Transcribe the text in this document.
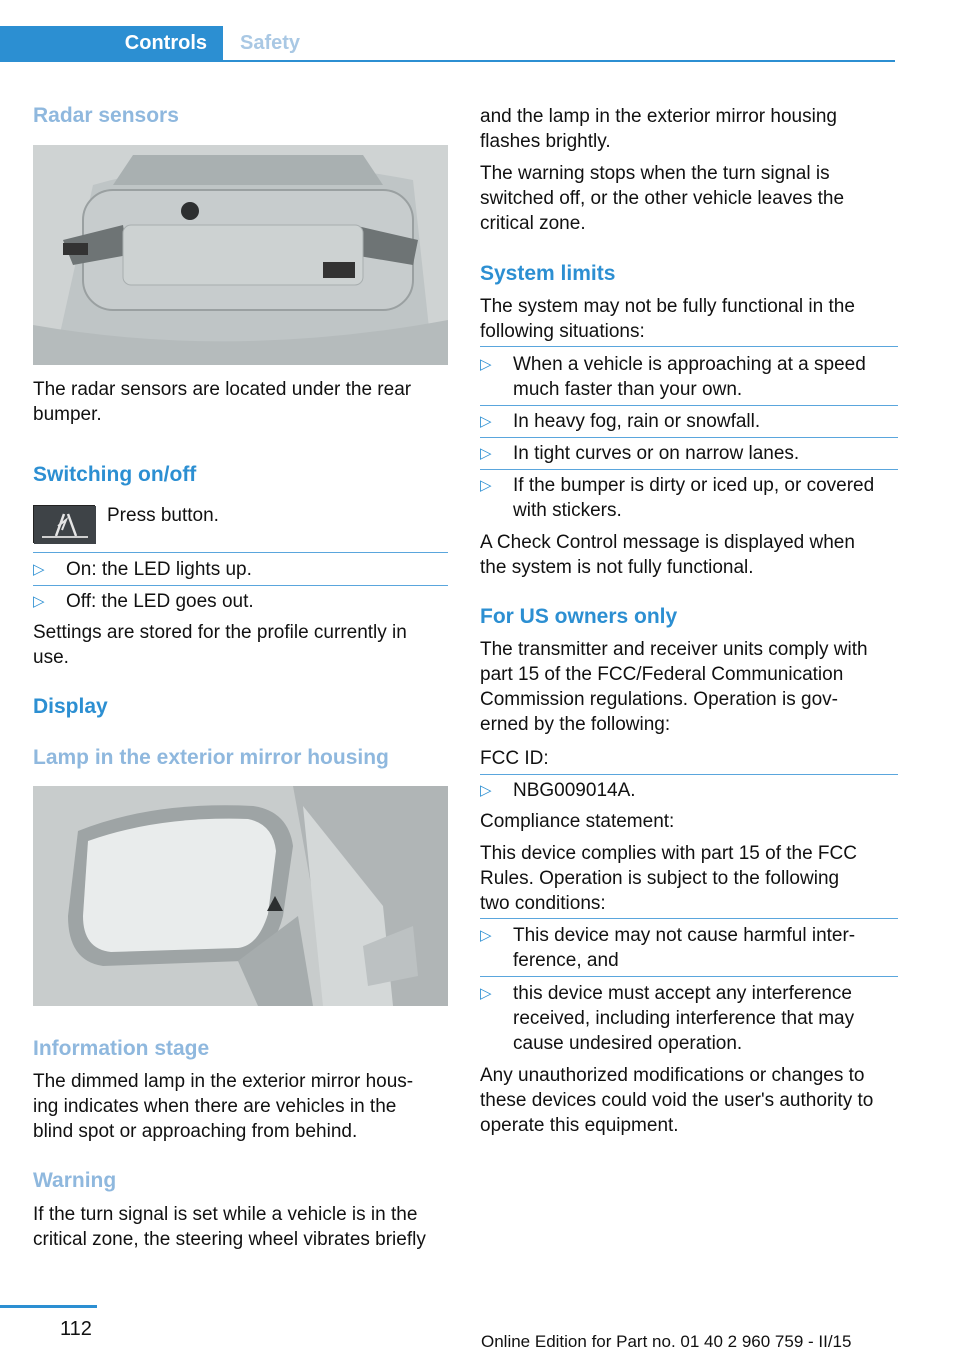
Controls	Safety
Radar sensors
The radar sensors are located under the rear
bumper.
Switching on/off
Press button.
▷ On: the LED lights up.
▷ Off: the LED goes out.
Settings are stored for the profile currently in
use.
Display
Lamp in the exterior mirror housing
Information stage
The dimmed lamp in the exterior mirror hous‐
ing indicates when there are vehicles in the
blind spot or approaching from behind.
Warning
If the turn signal is set while a vehicle is in the
critical zone, the steering wheel vibrates briefly
and the lamp in the exterior mirror housing
flashes brightly.
The warning stops when the turn signal is
switched off, or the other vehicle leaves the
critical zone.
System limits
The system may not be fully functional in the
following situations:
▷ When a vehicle is approaching at a speed
much faster than your own.
▷ In heavy fog, rain or snowfall.
▷ In tight curves or on narrow lanes.
▷ If the bumper is dirty or iced up, or covered
with stickers.
A Check Control message is displayed when
the system is not fully functional.
For US owners only
The transmitter and receiver units comply with
part 15 of the FCC/Federal Communication
Commission regulations. Operation is gov‐
erned by the following:
FCC ID:
▷ NBG009014A.
Compliance statement:
This device complies with part 15 of the FCC
Rules. Operation is subject to the following
two conditions:
▷ This device may not cause harmful inter‐
ference, and
▷ this device must accept any interference
received, including interference that may
cause undesired operation.
Any unauthorized modifications or changes to
these devices could void the user's authority to
operate this equipment.
112
Online Edition for Part no. 01 40 2 960 759 - II/15
